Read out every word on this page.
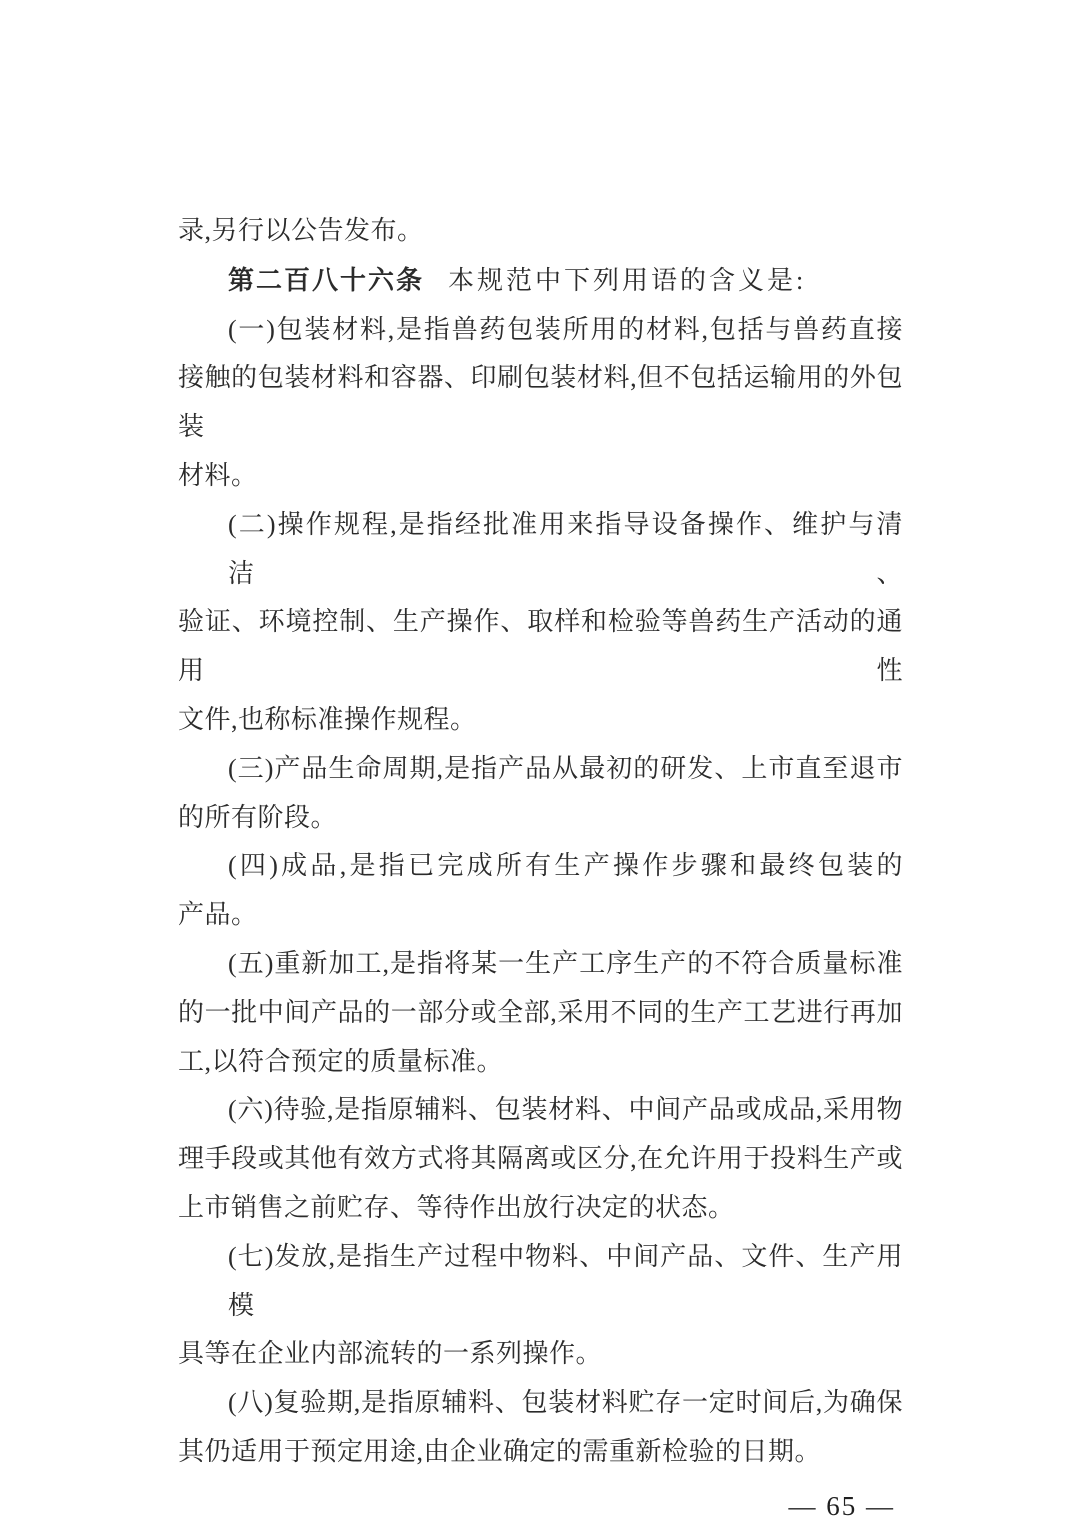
录,另行以公告发布。
第二百八十六条 本规范中下列用语的含义是:
(一)包装材料,是指兽药包装所用的材料,包括与兽药直接
接触的包装材料和容器、印刷包装材料,但不包括运输用的外包装
材料。
(二)操作规程,是指经批准用来指导设备操作、维护与清洁、
验证、环境控制、生产操作、取样和检验等兽药生产活动的通用性
文件,也称标准操作规程。
(三)产品生命周期,是指产品从最初的研发、上市直至退市
的所有阶段。
(四)成品,是指已完成所有生产操作步骤和最终包装的
产品。
(五)重新加工,是指将某一生产工序生产的不符合质量标准
的一批中间产品的一部分或全部,采用不同的生产工艺进行再加
工,以符合预定的质量标准。
(六)待验,是指原辅料、包装材料、中间产品或成品,采用物
理手段或其他有效方式将其隔离或区分,在允许用于投料生产或
上市销售之前贮存、等待作出放行决定的状态。
(七)发放,是指生产过程中物料、中间产品、文件、生产用模
具等在企业内部流转的一系列操作。
(八)复验期,是指原辅料、包装材料贮存一定时间后,为确保
其仍适用于预定用途,由企业确定的需重新检验的日期。
— 65 —
